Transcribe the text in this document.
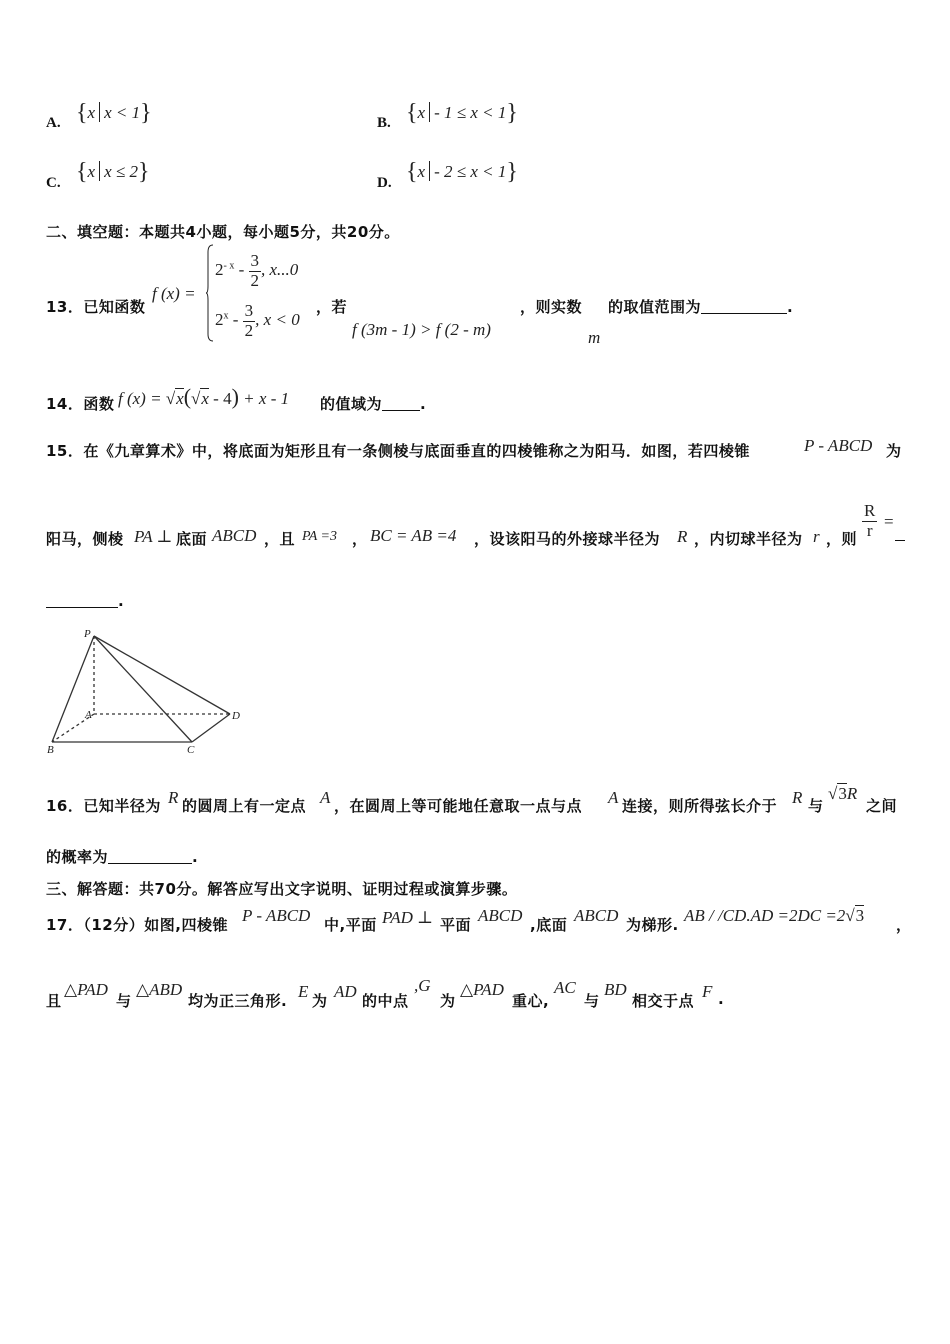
A. {x x < 1}	B. {x - 1 ≤ x < 1}
C. {x x ≤ 2}	D. {x - 2 ≤ x < 1}
二、填空题：本题共4小题，每小题5分，共20分。
13．已知函数
f (x) =
$2^{- x} - \frac{3}{2}$ , x...0
$2^x - \frac{3}{2}$ , x < 0
，若
f (3m - 1) > f (2 - m)
，则实数
m
的取值范围为	.
14．函数 f (x) = √x(√x - 4) + x - 1 的值域为	.
15．在《九章算术》中，将底面为矩形且有一条侧棱与底面垂直的四棱锥称之为阳马．如图，若四棱锥	P - ABCD 为
阳马，侧棱 PA ⊥ 底面 ABCD ，且 PA =3 ， BC = AB =4 ，设该阳马的外接球半径为 R ，内切球半径为 r ，则 $\frac{R}{r}$ =
.
P
A
B	C
D
16．已知半径为 R 的圆周上有一定点 A ，在圆周上等可能地任意取一点与点 A 连接，则所得弦长介于 R 与
√3R
之间
的概率为	.
三、解答题：共70分。解答应写出文字说明、证明过程或演算步骤。
17．（12分）如图,四棱锥 P - ABCD 中,平面 PAD ⊥ 平面 ABCD ,底面 ABCD 为梯形. AB / /CD.AD =2DC =2√3 ，
且
△PAD
与
△ABD
均为正三角形. E 为 AD 的中点
,G
为
△PAD
重心,
AC
与
BD
相交于点 F .
